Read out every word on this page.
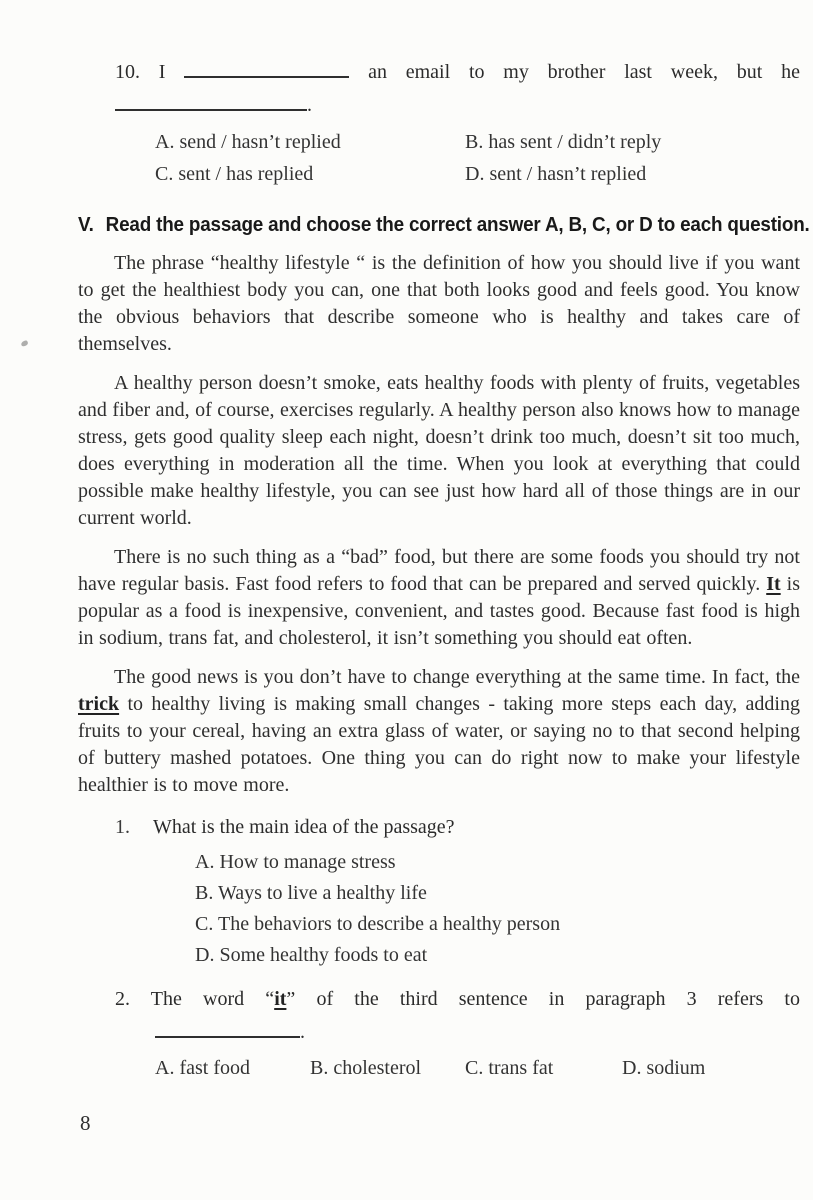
10. I	an email to my brother last week, but he
.
A. send / hasn’t replied	B. has sent / didn’t reply
C. sent / has replied	D. sent / hasn’t replied
V. Read the passage and choose the correct answer A, B, C, or D to each question.

The phrase “healthy lifestyle “ is the definition of how you should live if you want to get the healthiest body you can, one that both looks good and feels good. You know the obvious behaviors that describe someone who is healthy and takes care of themselves.

A healthy person doesn’t smoke, eats healthy foods with plenty of fruits, vegetables and fiber and, of course, exercises regularly. A healthy person also knows how to manage stress, gets good quality sleep each night, doesn’t drink too much, doesn’t sit too much, does everything in moderation all the time. When you look at everything that could possible make healthy lifestyle, you can see just how hard all of those things are in our current world.

There is no such thing as a “bad” food, but there are some foods you should try not have regular basis. Fast food refers to food that can be prepared and served quickly. It is popular as a food is inexpensive, convenient, and tastes good. Because fast food is high in sodium, trans fat, and cholesterol, it isn’t something you should eat often.

The good news is you don’t have to change everything at the same time. In fact, the trick to healthy living is making small changes - taking more steps each day, adding fruits to your cereal, having an extra glass of water, or saying no to that second helping of buttery mashed potatoes. One thing you can do right now to make your lifestyle healthier is to move more.

1. What is the main idea of the passage?
A. How to manage stress
B. Ways to live a healthy life
C. The behaviors to describe a healthy person
D. Some healthy foods to eat
2. The word “it” of the third sentence in paragraph 3 refers to
.
A. fast food	B. cholesterol	C. trans fat	D. sodium
8
